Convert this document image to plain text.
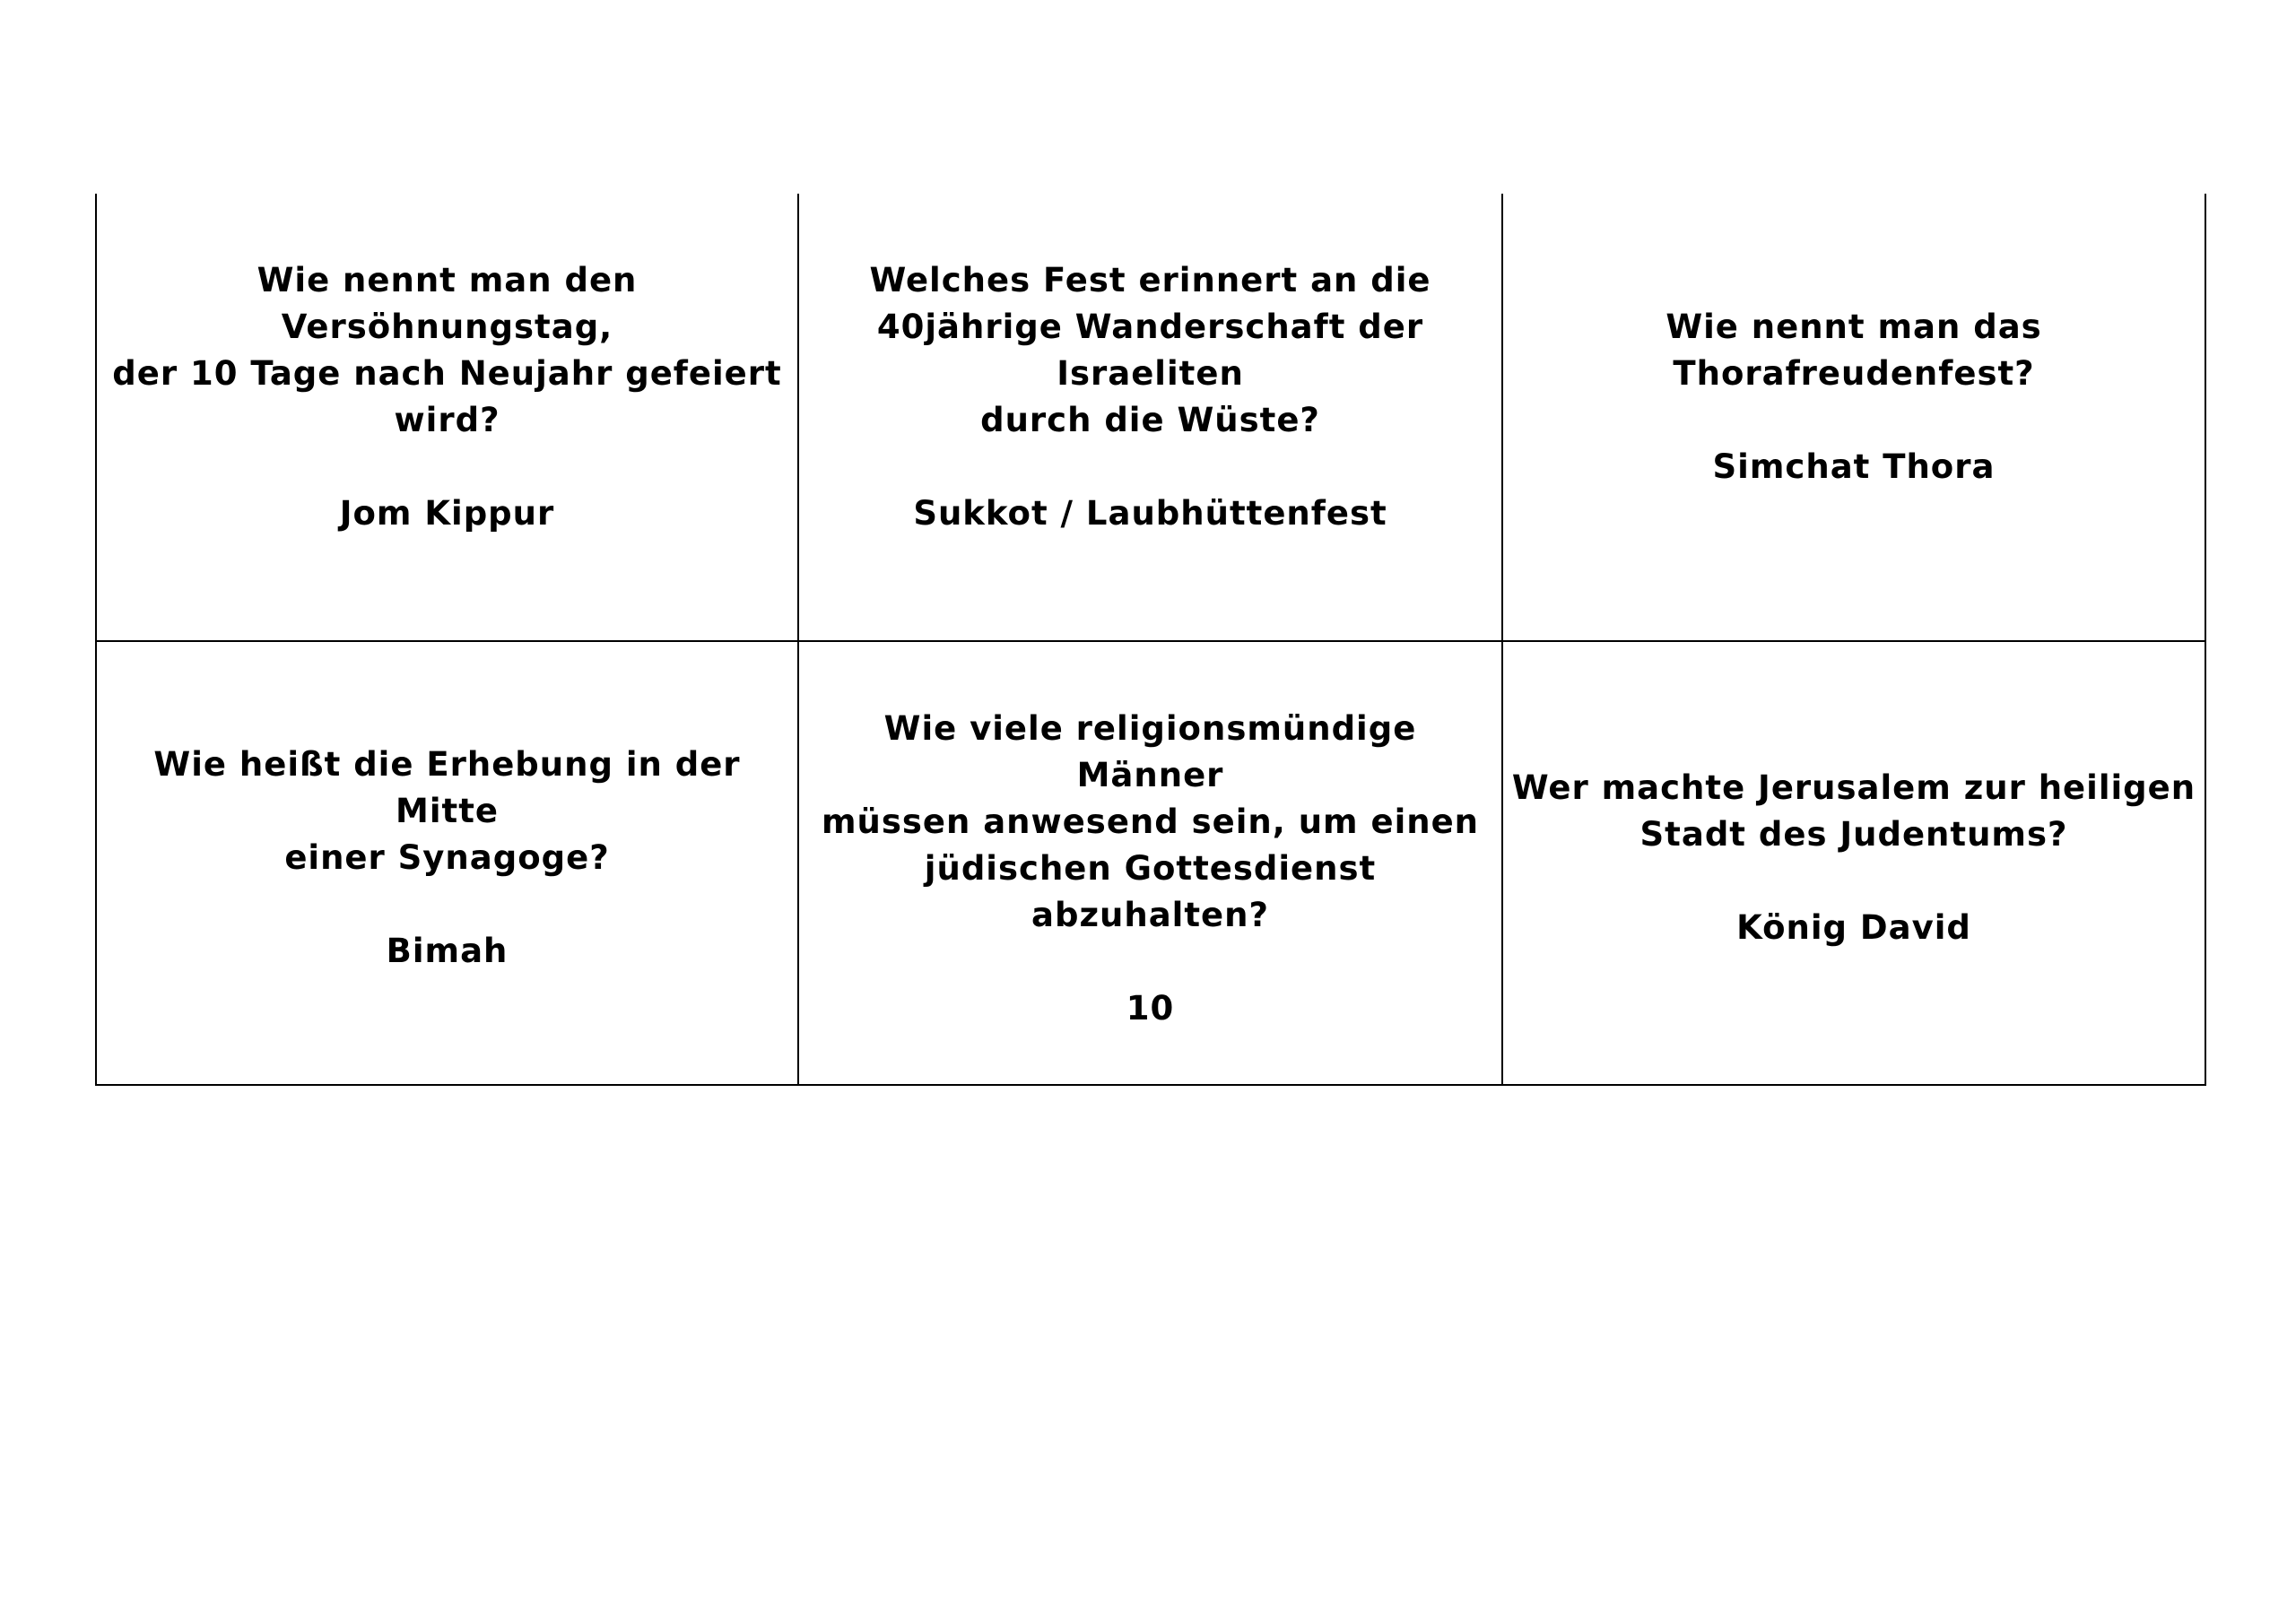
Wie nennt man den Versöhnungstag,
der 10 Tage nach Neujahr gefeiert
wird?
Jom Kippur
Welches Fest erinnert an die
40jährige Wanderschaft der Israeliten
durch die Wüste?
Sukkot / Laubhüttenfest
Wie nennt man das
Thorafreudenfest?
Simchat Thora
Wie heißt die Erhebung in der Mitte
einer Synagoge?
Bimah
Wie viele religionsmündige Männer
müssen anwesend sein, um einen
jüdischen Gottesdienst abzuhalten?
10
Wer machte Jerusalem zur heiligen
Stadt des Judentums?
König David
